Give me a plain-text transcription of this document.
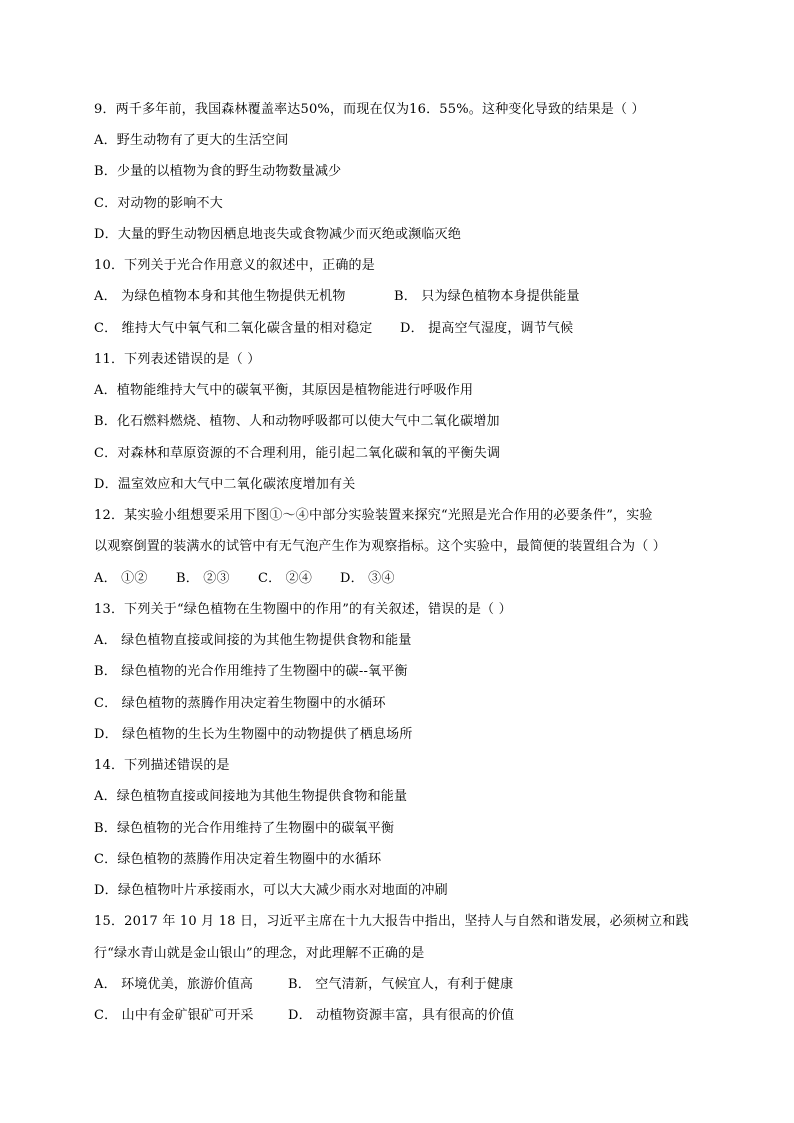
9．两千多年前，我国森林覆盖率达50%，而现在仅为16．55%。这种变化导致的结果是（ ）
A．野生动物有了更大的生活空间
B．少量的以植物为食的野生动物数量减少
C．对动物的影响不大
D．大量的野生动物因栖息地丧失或食物减少而灭绝或濒临灭绝
10．下列关于光合作用意义的叙述中，正确的是
A． 为绿色植物本身和其他生物提供无机物	B． 只为绿色植物本身提供能量
C． 维持大气中氧气和二氧化碳含量的相对稳定 D． 提高空气湿度，调节气候
11．下列表述错误的是（ ）
A．植物能维持大气中的碳氧平衡，其原因是植物能进行呼吸作用
B．化石燃料燃烧、植物、人和动物呼吸都可以使大气中二氧化碳增加
C．对森林和草原资源的不合理利用，能引起二氧化碳和氧的平衡失调
D．温室效应和大气中二氧化碳浓度增加有关
12．某实验小组想要采用下图①～④中部分实验装置来探究“光照是光合作用的必要条件”，实验
以观察倒置的装满水的试管中有无气泡产生作为观察指标。这个实验中，最简便的装置组合为（ ）
A． ①② B． ②③ C． ②④ D． ③④
13．下列关于“绿色植物在生物圈中的作用”的有关叙述，错误的是（ ）
A． 绿色植物直接或间接的为其他生物提供食物和能量
B． 绿色植物的光合作用维持了生物圈中的碳--氧平衡
C． 绿色植物的蒸腾作用决定着生物圈中的水循环
D． 绿色植物的生长为生物圈中的动物提供了栖息场所
14．下列描述错误的是
A．绿色植物直接或间接地为其他生物提供食物和能量
B．绿色植物的光合作用维持了生物圈中的碳氧平衡
C．绿色植物的蒸腾作用决定着生物圈中的水循环
D．绿色植物叶片承接雨水，可以大大减少雨水对地面的冲刷
15．2017 年 10 月 18 日，习近平主席在十九大报告中指出，坚持人与自然和谐发展，必须树立和践
行“绿水青山就是金山银山”的理念，对此理解不正确的是
A． 环境优美，旅游价值高	B． 空气清新，气候宜人，有利于健康
C． 山中有金矿银矿可开采	D． 动植物资源丰富，具有很高的价值
